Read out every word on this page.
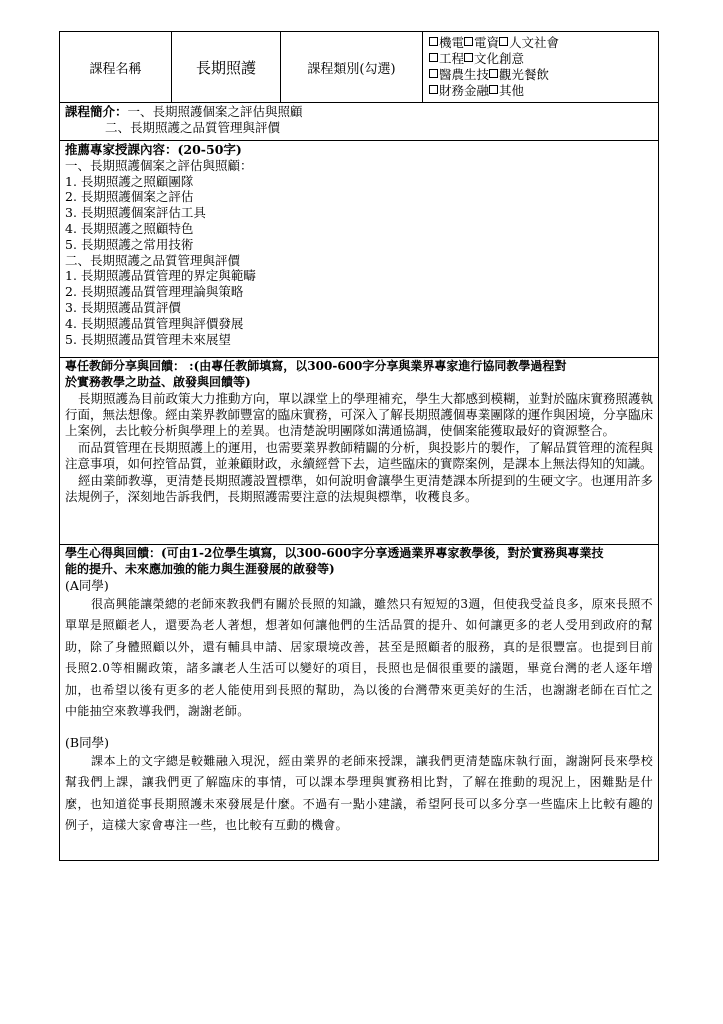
課程名稱	長期照護	課程類別(勾選)
機電 電資 人文社會
工程 文化創意
醫農生技 觀光餐飲
財務金融 其他
課程簡介：一、長期照護個案之評估與照顧
二、長期照護之品質管理與評價
推薦專家授課內容：(20-50字)
一、長期照護個案之評估與照顧：
1. 長期照護之照顧團隊
2. 長期照護個案之評估
3. 長期照護個案評估工具
4. 長期照護之照顧特色
5. 長期照護之常用技術
二、長期照護之品質管理與評價
1. 長期照護品質管理的界定與範疇
2. 長期照護品質管理理論與策略
3. 長期照護品質評價
4. 長期照護品質管理與評價發展
5. 長期照護品質管理未來展望
專任教師分享與回饋： :(由專任教師填寫，以300-600字分享與業界專家進行協同教學過程對
於實務教學之助益、啟發與回饋等)
長期照護為目前政策大力推動方向，單以課堂上的學理補充，學生大都感到模糊，並對於臨床實務照護執行面，無法想像。經由業界教師豐富的臨床實務，可深入了解長期照護個專業團隊的運作與困境，分享臨床上案例，去比較分析與學理上的差異。也清楚說明團隊如溝通協調，使個案能獲取最好的資源整合。
而品質管理在長期照護上的運用，也需要業界教師精闢的分析，與投影片的製作，了解品質管理的流程與注意事項，如何控管品質，並兼顧財政，永續經營下去，這些臨床的實際案例，是課本上無法得知的知識。
經由業師教導，更清楚長期照護設置標準，如何說明會讓學生更清楚課本所提到的生硬文字。也運用許多法規例子，深刻地告訴我們，長期照護需要注意的法規與標準，收穫良多。
學生心得與回饋：(可由1-2位學生填寫，以300-600字分享透過業界專家教學後，對於實務與專業技
能的提升、未來應加強的能力與生涯發展的啟發等)
(A同學)
很高興能讓榮總的老師來教我們有關於長照的知識，雖然只有短短的3週，但使我受益良多，原來長照不單單是照顧老人，還要為老人著想，想著如何讓他們的生活品質的提升、如何讓更多的老人受用到政府的幫助，除了身體照顧以外，還有輔具申請、居家環境改善，甚至是照顧者的服務，真的是很豐富。也提到目前長照2.0等相關政策，諸多讓老人生活可以變好的項目，長照也是個很重要的議題，畢竟台灣的老人逐年增加，也希望以後有更多的老人能使用到長照的幫助，為以後的台灣帶來更美好的生活，也謝謝老師在百忙之中能抽空來教導我們，謝謝老師。
(B同學)
課本上的文字總是較難融入現況，經由業界的老師來授課，讓我們更清楚臨床執行面，謝謝阿長來學校幫我們上課，讓我們更了解臨床的事情，可以課本學理與實務相比對，了解在推動的現況上，困難點是什麼，也知道從事長期照護未來發展是什麼。不過有一點小建議，希望阿長可以多分享一些臨床上比較有趣的例子，這樣大家會專注一些，也比較有互動的機會。
